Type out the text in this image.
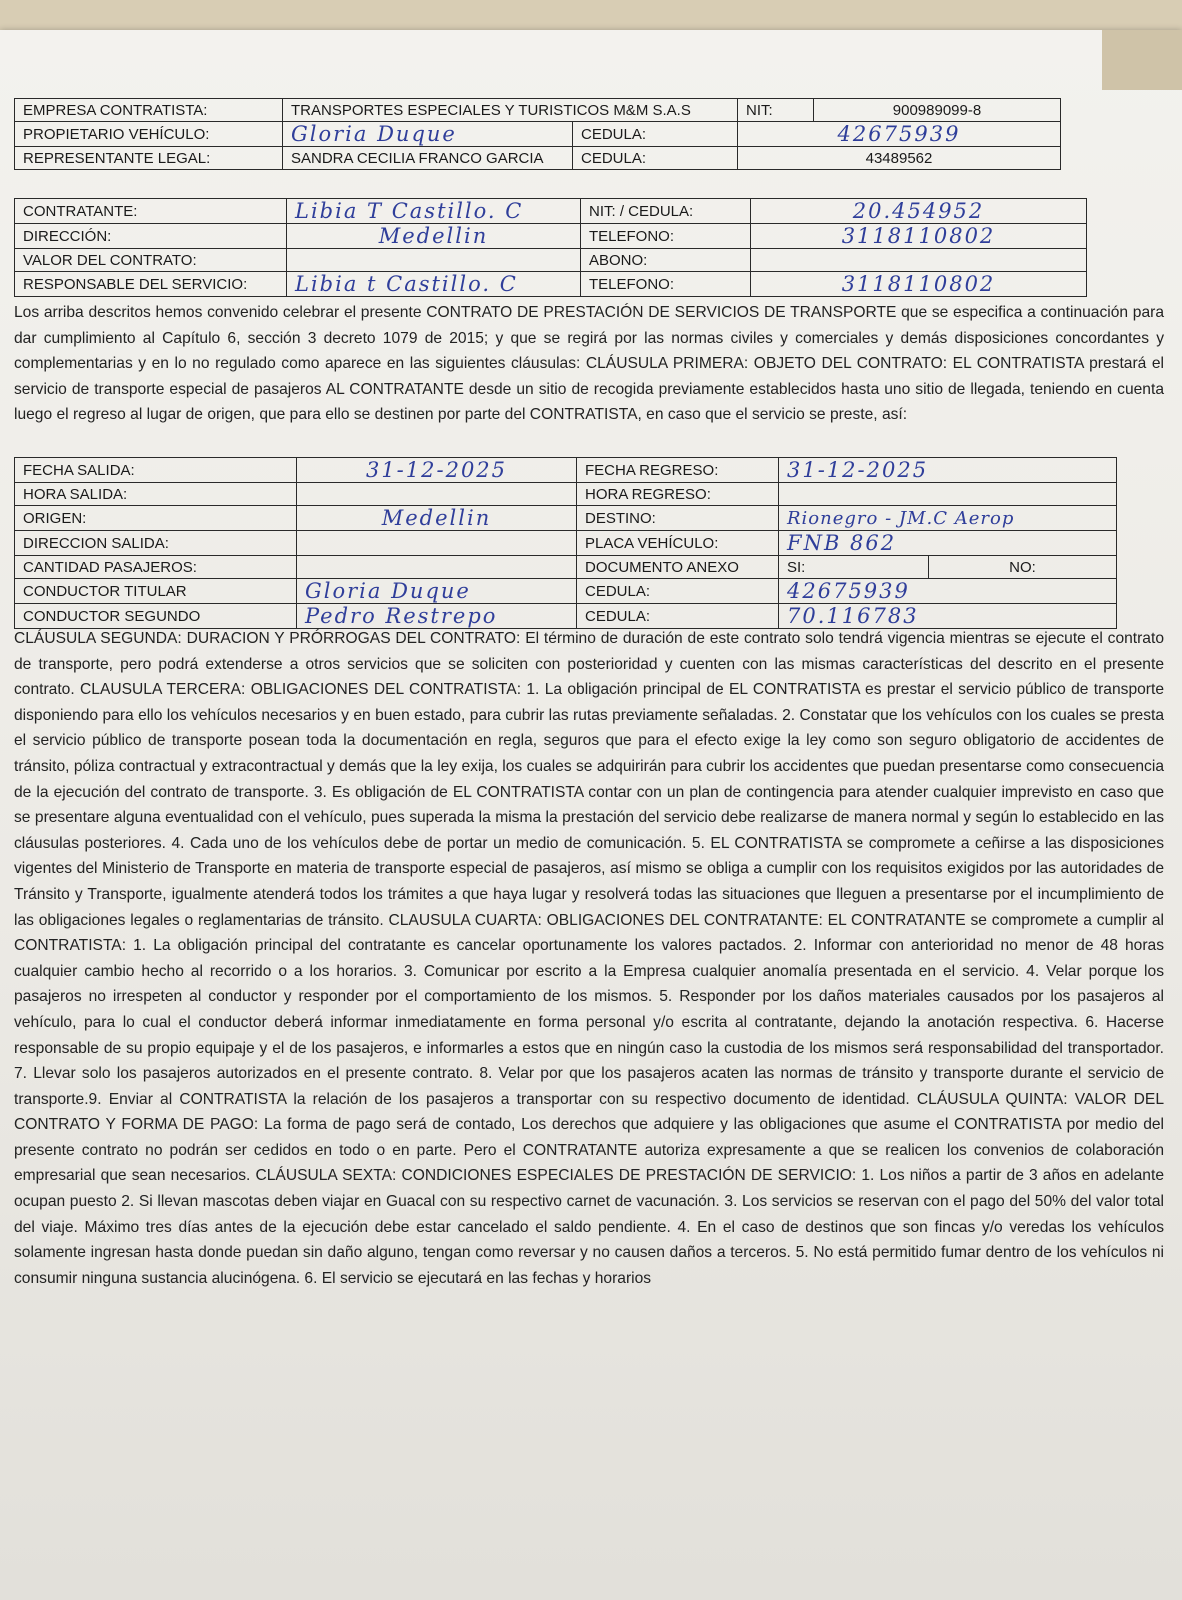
EMPRESA CONTRATISTA:	TRANSPORTES ESPECIALES Y TURISTICOS M&M S.A.S		NIT:	900989099-8
PROPIETARIO VEHÍCULO:	Gloria Duque	CEDULA:	42675939	
REPRESENTANTE LEGAL:	SANDRA CECILIA FRANCO GARCIA	CEDULA:	43489562	
CONTRATANTE:	Libia T Castillo. C	NIT: / CEDULA:	20.454952
DIRECCIÓN:	Medellin	TELEFONO:	3118110802
VALOR DEL CONTRATO:		ABONO:	
RESPONSABLE DEL SERVICIO:	Libia t Castillo. C	TELEFONO:	3118110802
Los arriba descritos hemos convenido celebrar el presente CONTRATO DE PRESTACIÓN DE SERVICIOS DE TRANSPORTE que se especifica a continuación para dar cumplimiento al Capítulo 6, sección 3 decreto 1079 de 2015; y que se regirá por las normas civiles y comerciales y demás disposiciones concordantes y complementarias y en lo no regulado como aparece en las siguientes cláusulas: CLÁUSULA PRIMERA: OBJETO DEL CONTRATO: EL CONTRATISTA prestará el servicio de transporte especial de pasajeros AL CONTRATANTE desde un sitio de recogida previamente establecidos hasta uno sitio de llegada, teniendo en cuenta luego el regreso al lugar de origen, que para ello se destinen por parte del CONTRATISTA, en caso que el servicio se preste, así:
FECHA SALIDA:	31-12-2025	FECHA REGRESO:	31-12-2025	
HORA SALIDA:		HORA REGRESO:		
ORIGEN:	Medellin	DESTINO:	Rionegro - JM.C Aerop	
DIRECCION SALIDA:		PLACA VEHÍCULO:	FNB 862	
CANTIDAD PASAJEROS:		DOCUMENTO ANEXO	SI:	NO:
CONDUCTOR TITULAR	Gloria Duque	CEDULA:	42675939	
CONDUCTOR SEGUNDO	Pedro Restrepo	CEDULA:	70.116783	
CLÁUSULA SEGUNDA: DURACION Y PRÓRROGAS DEL CONTRATO: El término de duración de este contrato solo tendrá vigencia mientras se ejecute el contrato de transporte, pero podrá extenderse a otros servicios que se soliciten con posterioridad y cuenten con las mismas características del descrito en el presente contrato. CLAUSULA TERCERA: OBLIGACIONES DEL CONTRATISTA: 1. La obligación principal de EL CONTRATISTA es prestar el servicio público de transporte disponiendo para ello los vehículos necesarios y en buen estado, para cubrir las rutas previamente señaladas. 2. Constatar que los vehículos con los cuales se presta el servicio público de transporte posean toda la documentación en regla, seguros que para el efecto exige la ley como son seguro obligatorio de accidentes de tránsito, póliza contractual y extracontractual y demás que la ley exija, los cuales se adquirirán para cubrir los accidentes que puedan presentarse como consecuencia de la ejecución del contrato de transporte. 3. Es obligación de EL CONTRATISTA contar con un plan de contingencia para atender cualquier imprevisto en caso que se presentare alguna eventualidad con el vehículo, pues superada la misma la prestación del servicio debe realizarse de manera normal y según lo establecido en las cláusulas posteriores. 4. Cada uno de los vehículos debe de portar un medio de comunicación. 5. EL CONTRATISTA se compromete a ceñirse a las disposiciones vigentes del Ministerio de Transporte en materia de transporte especial de pasajeros, así mismo se obliga a cumplir con los requisitos exigidos por las autoridades de Tránsito y Transporte, igualmente atenderá todos los trámites a que haya lugar y resolverá todas las situaciones que lleguen a presentarse por el incumplimiento de las obligaciones legales o reglamentarias de tránsito. CLAUSULA CUARTA: OBLIGACIONES DEL CONTRATANTE: EL CONTRATANTE se compromete a cumplir al CONTRATISTA: 1. La obligación principal del contratante es cancelar oportunamente los valores pactados. 2. Informar con anterioridad no menor de 48 horas cualquier cambio hecho al recorrido o a los horarios. 3. Comunicar por escrito a la Empresa cualquier anomalía presentada en el servicio. 4. Velar porque los pasajeros no irrespeten al conductor y responder por el comportamiento de los mismos. 5. Responder por los daños materiales causados por los pasajeros al vehículo, para lo cual el conductor deberá informar inmediatamente en forma personal y/o escrita al contratante, dejando la anotación respectiva. 6. Hacerse responsable de su propio equipaje y el de los pasajeros, e informarles a estos que en ningún caso la custodia de los mismos será responsabilidad del transportador. 7. Llevar solo los pasajeros autorizados en el presente contrato. 8. Velar por que los pasajeros acaten las normas de tránsito y transporte durante el servicio de transporte.9. Enviar al CONTRATISTA la relación de los pasajeros a transportar con su respectivo documento de identidad. CLÁUSULA QUINTA: VALOR DEL CONTRATO Y FORMA DE PAGO: La forma de pago será de contado, Los derechos que adquiere y las obligaciones que asume el CONTRATISTA por medio del presente contrato no podrán ser cedidos en todo o en parte. Pero el CONTRATANTE autoriza expresamente a que se realicen los convenios de colaboración empresarial que sean necesarios. CLÁUSULA SEXTA: CONDICIONES ESPECIALES DE PRESTACIÓN DE SERVICIO: 1. Los niños a partir de 3 años en adelante ocupan puesto 2. Si llevan mascotas deben viajar en Guacal con su respectivo carnet de vacunación. 3. Los servicios se reservan con el pago del 50% del valor total del viaje. Máximo tres días antes de la ejecución debe estar cancelado el saldo pendiente. 4. En el caso de destinos que son fincas y/o veredas los vehículos solamente ingresan hasta donde puedan sin daño alguno, tengan como reversar y no causen daños a terceros. 5. No está permitido fumar dentro de los vehículos ni consumir ninguna sustancia alucinógena. 6. El servicio se ejecutará en las fechas y horarios
